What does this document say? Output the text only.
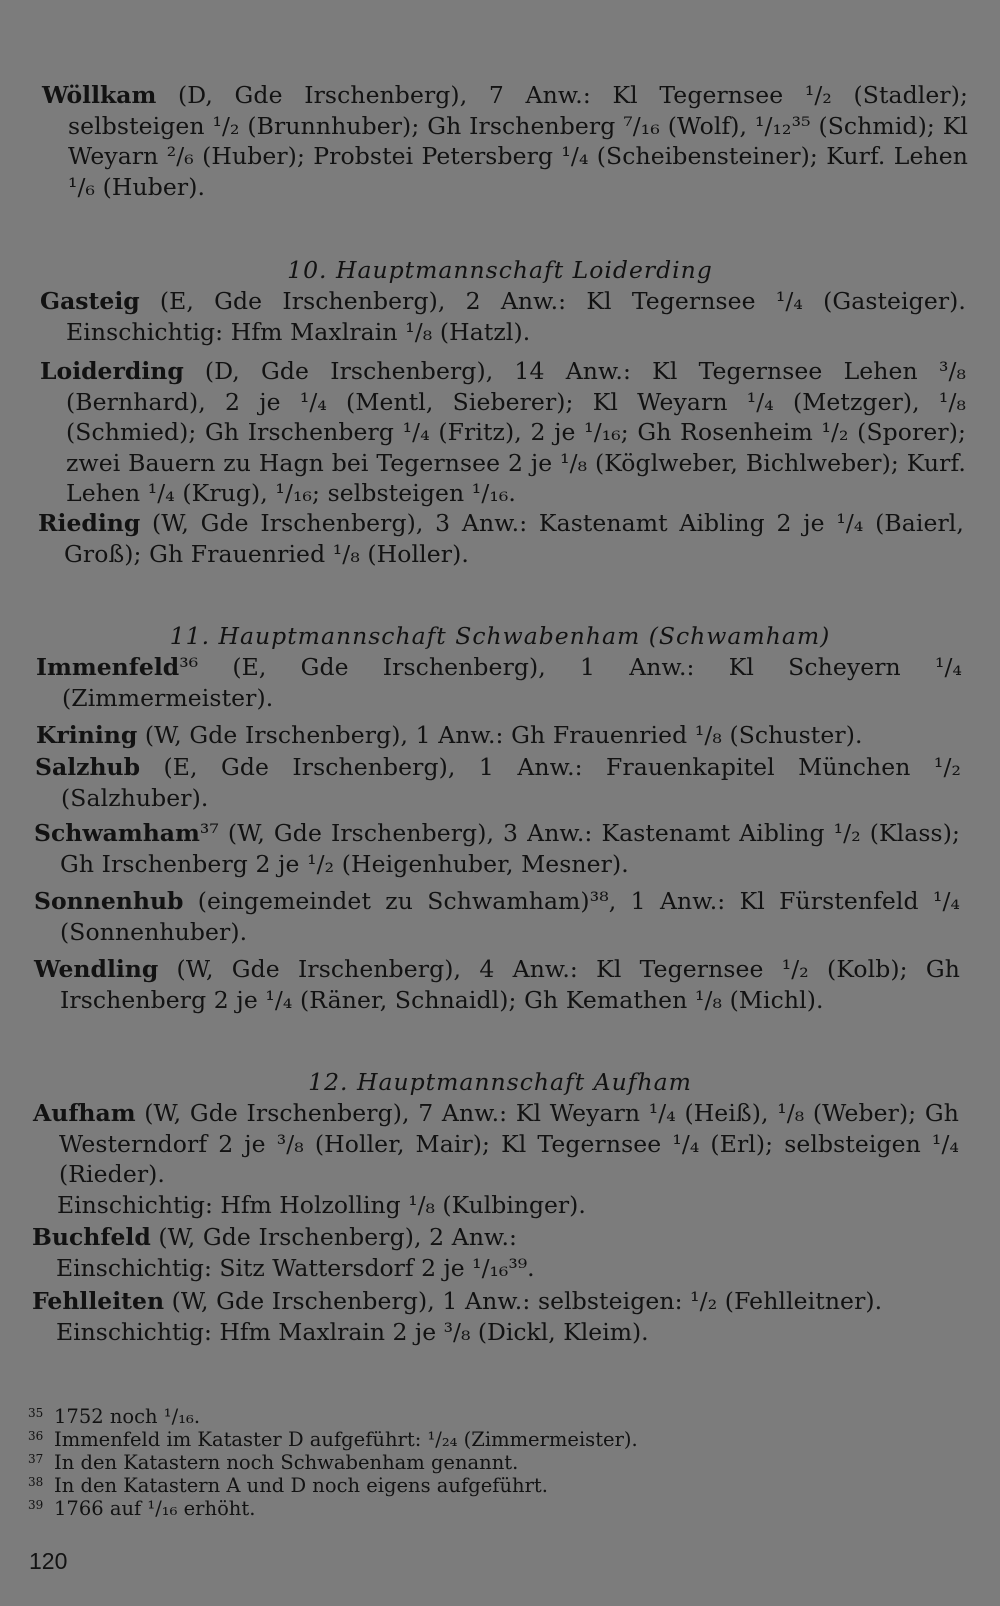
Wöllkam (D, Gde Irschenberg), 7 Anw.: Kl Tegernsee ¹/₂ (Stadler); selbsteigen ¹/₂ (Brunnhuber); Gh Irschenberg ⁷/₁₆ (Wolf), ¹/₁₂³⁵ (Schmid); Kl Weyarn ²/₆ (Huber); Probstei Petersberg ¹/₄ (Scheibensteiner); Kurf. Lehen ¹/₆ (Huber).

10. Hauptmannschaft Loiderding

Gasteig (E, Gde Irschenberg), 2 Anw.: Kl Tegernsee ¹/₄ (Gasteiger). Einschichtig: Hfm Maxlrain ¹/₈ (Hatzl).

Loiderding (D, Gde Irschenberg), 14 Anw.: Kl Tegernsee Lehen ³/₈ (Bernhard), 2 je ¹/₄ (Mentl, Sieberer); Kl Weyarn ¹/₄ (Metzger), ¹/₈ (Schmied); Gh Irschenberg ¹/₄ (Fritz), 2 je ¹/₁₆; Gh Rosenheim ¹/₂ (Sporer); zwei Bauern zu Hagn bei Tegernsee 2 je ¹/₈ (Köglweber, Bichlweber); Kurf. Lehen ¹/₄ (Krug), ¹/₁₆; selbsteigen ¹/₁₆.

Rieding (W, Gde Irschenberg), 3 Anw.: Kastenamt Aibling 2 je ¹/₄ (Baierl, Groß); Gh Frauenried ¹/₈ (Holler).

11. Hauptmannschaft Schwabenham (Schwamham)

Immenfeld³⁶ (E, Gde Irschenberg), 1 Anw.: Kl Scheyern ¹/₄ (Zimmermeister).

Krining (W, Gde Irschenberg), 1 Anw.: Gh Frauenried ¹/₈ (Schuster).

Salzhub (E, Gde Irschenberg), 1 Anw.: Frauenkapitel München ¹/₂ (Salzhuber).

Schwamham³⁷ (W, Gde Irschenberg), 3 Anw.: Kastenamt Aibling ¹/₂ (Klass); Gh Irschenberg 2 je ¹/₂ (Heigenhuber, Mesner).

Sonnenhub (eingemeindet zu Schwamham)³⁸, 1 Anw.: Kl Fürstenfeld ¹/₄ (Sonnenhuber).

Wendling (W, Gde Irschenberg), 4 Anw.: Kl Tegernsee ¹/₂ (Kolb); Gh Irschenberg 2 je ¹/₄ (Räner, Schnaidl); Gh Kemathen ¹/₈ (Michl).

12. Hauptmannschaft Aufham

Aufham (W, Gde Irschenberg), 7 Anw.: Kl Weyarn ¹/₄ (Heiß), ¹/₈ (Weber); Gh Westerndorf 2 je ³/₈ (Holler, Mair); Kl Tegernsee ¹/₄ (Erl); selbsteigen ¹/₄ (Rieder).

Einschichtig: Hfm Holzolling ¹/₈ (Kulbinger).

Buchfeld (W, Gde Irschenberg), 2 Anw.:

Einschichtig: Sitz Wattersdorf 2 je ¹/₁₆³⁹.

Fehlleiten (W, Gde Irschenberg), 1 Anw.: selbsteigen: ¹/₂ (Fehlleitner).

Einschichtig: Hfm Maxlrain 2 je ³/₈ (Dickl, Kleim).
35 1752 noch ¹/₁₆.
36 Immenfeld im Kataster D aufgeführt: ¹/₂₄ (Zimmermeister).
37 In den Katastern noch Schwabenham genannt.
38 In den Katastern A und D noch eigens aufgeführt.
39 1766 auf ¹/₁₆ erhöht.
120
